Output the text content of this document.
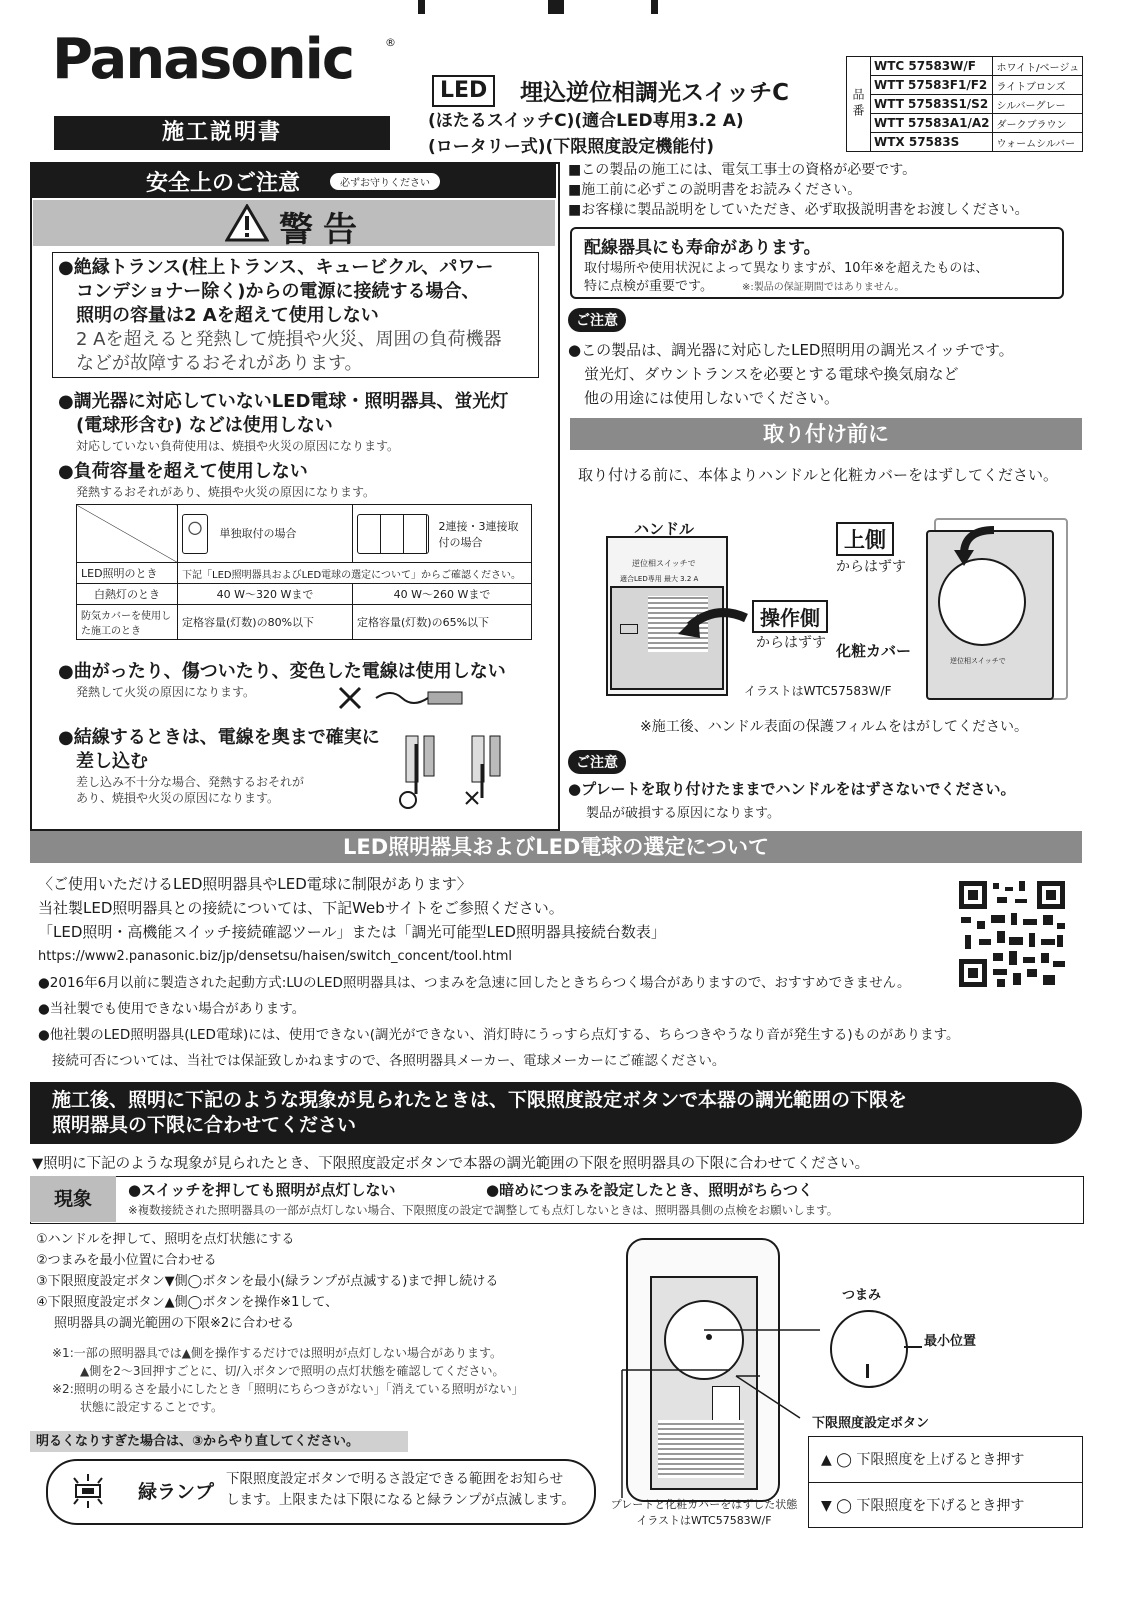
Panasonic	®
施工説明書
LED	埋込逆位相調光スイッチC
(ほたるスイッチC)(適合LED専用3.2 A)
(ロータリー式)(下限照度設定機能付)
品番	WTC 57583W/F	ホワイト/ベージュ
	WTT 57583F1/F2	ライトブロンズ
	WTT 57583S1/S2	シルバーグレー
	WTT 57583A1/A2	ダークブラウン
	WTX 57583S	ウォームシルバー
安全上のご注意	必ずお守りください
警告
●絶縁トランス(柱上トランス、キュービクル、パワー
コンデショナー除く)からの電源に接続する場合、
照明の容量は2 Aを超えて使用しない
2 Aを超えると発熱して焼損や火災、周囲の負荷機器
などが故障するおそれがあります。
●調光器に対応していないLED電球・照明器具、蛍光灯
(電球形含む) などは使用しない
対応していない負荷使用は、焼損や火災の原因になります。
●負荷容量を超えて使用しない
発熱するおそれがあり、焼損や火災の原因になります。
	単独取付の場合	2連接・3連接取付の場合
LED照明のとき	下記「LED照明器具およびLED電球の選定について」からご確認ください。	
白熱灯のとき	40 W～320 Wまで	40 W～260 Wまで
防気カバーを使用した施工のとき	定格容量(灯数)の80%以下	定格容量(灯数)の65%以下
●曲がったり、傷ついたり、変色した電線は使用しない
発熱して火災の原因になります。
●結線するときは、電線を奥まで確実に
差し込む
差し込み不十分な場合、発熱するおそれが
あり、焼損や火災の原因になります。
■この製品の施工には、電気工事士の資格が必要です。
■施工前に必ずこの説明書をお読みください。
■お客様に製品説明をしていただき、必ず取扱説明書をお渡しください。
配線器具にも寿命があります。
取付場所や使用状況によって異なりますが、10年※を超えたものは、
特に点検が重要です。	※:製品の保証期間ではありません。
ご注意
●この製品は、調光器に対応したLED照明用の調光スイッチです。
蛍光灯、ダウントランスを必要とする電球や換気扇など
他の用途には使用しないでください。
取り付け前に
取り付ける前に、本体よりハンドルと化粧カバーをはずしてください。
逆位相スイッチで
適合LED専用 最大 3.2 A
ハンドル
操作側
からはずす
上側
からはずす
逆位相スイッチで
化粧カバー
イラストはWTC57583W/F
※施工後、ハンドル表面の保護フィルムをはがしてください。
ご注意
●プレートを取り付けたままでハンドルをはずさないでください。
製品が破損する原因になります。
LED照明器具およびLED電球の選定について
〈ご使用いただけるLED照明器具やLED電球に制限があります〉
当社製LED照明器具との接続については、下記Webサイトをご参照ください。
「LED照明・高機能スイッチ接続確認ツール」または「調光可能型LED照明器具接続台数表」
https://www2.panasonic.biz/jp/densetsu/haisen/switch_concent/tool.html
●2016年6月以前に製造された起動方式:LUのLED照明器具は、つまみを急速に回したときちらつく場合がありますので、おすすめできません。
●当社製でも使用できない場合があります。
●他社製のLED照明器具(LED電球)には、使用できない(調光ができない、消灯時にうっすら点灯する、ちらつきやうなり音が発生する)ものがあります。
接続可否については、当社では保証致しかねますので、各照明器具メーカー、電球メーカーにご確認ください。
施工後、照明に下記のような現象が見られたときは、下限照度設定ボタンで本器の調光範囲の下限を
照明器具の下限に合わせてください
▼照明に下記のような現象が見られたとき、下限照度設定ボタンで本器の調光範囲の下限を照明器具の下限に合わせてください。
現象	●スイッチを押しても照明が点灯しない	●暗めにつまみを設定したとき、照明がちらつく
※複数接続された照明器具の一部が点灯しない場合、下限照度の設定で調整しても点灯しないときは、照明器具側の点検をお願いします。
①ハンドルを押して、照明を点灯状態にする
②つまみを最小位置に合わせる
③下限照度設定ボタン▼側◯ボタンを最小(緑ランプが点滅する)まで押し続ける
④下限照度設定ボタン▲側◯ボタンを操作※1して、
照明器具の調光範囲の下限※2に合わせる
※1:一部の照明器具では▲側を操作するだけでは照明が点灯しない場合があります。
▲側を2～3回押すごとに、切/入ボタンで照明の点灯状態を確認してください。
※2:照明の明るさを最小にしたとき「照明にちらつきがない」「消えている照明がない」
状態に設定することです。
明るくなりすぎた場合は、③からやり直してください。
緑ランプ
下限照度設定ボタンで明るさ設定できる範囲をお知らせ
します。上限または下限になると緑ランプが点滅します。
つまみ
最小位置
下限照度設定ボタン
▲ ◯ 下限照度を上げるとき押す
▼ ◯ 下限照度を下げるとき押す
プレートと化粧カバーをはずした状態
イラストはWTC57583W/F
